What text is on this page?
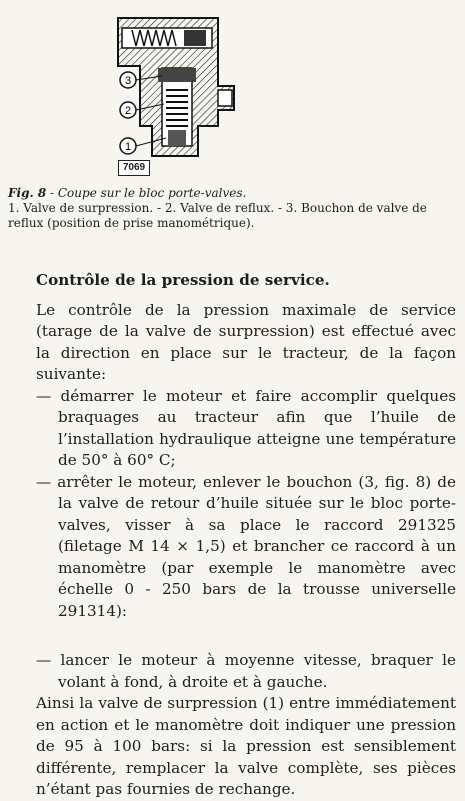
3
2
1
7069
Fig. 8 - Coupe sur le bloc porte-valves.
1. Valve de surpression. - 2. Valve de reflux. - 3. Bouchon de valve de reflux (position de prise manométrique).

Contrôle de la pression de service.

Le contrôle de la pression maximale de service (tarage de la valve de surpression) est effectué avec la direction en place sur le tracteur, de la façon suivante:

— démarrer le moteur et faire accomplir quelques braquages au tracteur afin que l’huile de l’installation hydraulique atteigne une température de 50° à 60° C;

— arrêter le moteur, enlever le bouchon (3, fig. 8) de la valve de retour d’huile située sur le bloc porte-valves, visser à sa place le raccord 291325 (filetage M 14 × 1,5) et brancher ce raccord à un manomètre (par exemple le manomètre avec échelle 0 - 250 bars de la trousse universelle 291314):

— lancer le moteur à moyenne vitesse, braquer le volant à fond, à droite et à gauche.

Ainsi la valve de surpression (1) entre immédiatement en action et le manomètre doit indiquer une pression de 95 à 100 bars: si la pression est sensiblement différente, remplacer la valve complète, ses pièces n’étant pas fournies de rechange.
